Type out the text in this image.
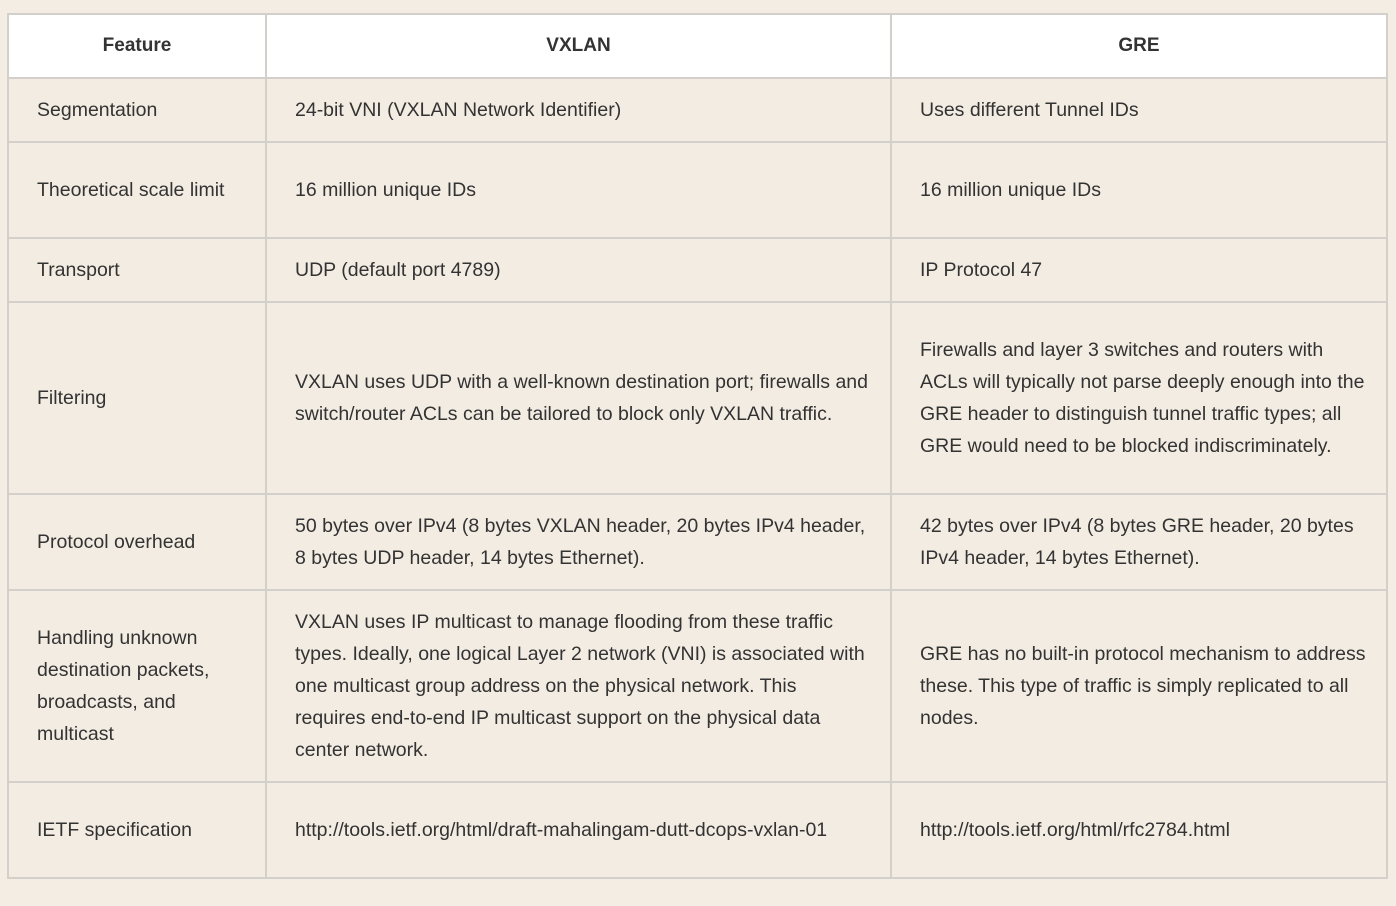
Feature	VXLAN	GRE
Segmentation	24-bit VNI (VXLAN Network Identifier)	Uses different Tunnel IDs
Theoretical scale limit	16 million unique IDs	16 million unique IDs
Transport	UDP (default port 4789)	IP Protocol 47
Filtering	VXLAN uses UDP with a well-known destination port; firewalls and switch/router ACLs can be tailored to block only VXLAN traffic.	Firewalls and layer 3 switches and routers with ACLs will typically not parse deeply enough into the GRE header to distinguish tunnel traffic types; all GRE would need to be blocked indiscriminately.
Protocol overhead	50 bytes over IPv4 (8 bytes VXLAN header, 20 bytes IPv4 header, 8 bytes UDP header, 14 bytes Ethernet).	42 bytes over IPv4 (8 bytes GRE header, 20 bytes IPv4 header, 14 bytes Ethernet).
Handling unknown destination packets, broadcasts, and multicast	VXLAN uses IP multicast to manage flooding from these traffic types. Ideally, one logical Layer 2 network (VNI) is associated with one multicast group address on the physical network. This requires end-to-end IP multicast support on the physical data center network.	GRE has no built-in protocol mechanism to address these. This type of traffic is simply replicated to all nodes.
IETF specification	http://tools.ietf.org/html/draft-mahalingam-dutt-dcops-vxlan-01	http://tools.ietf.org/html/rfc2784.html
